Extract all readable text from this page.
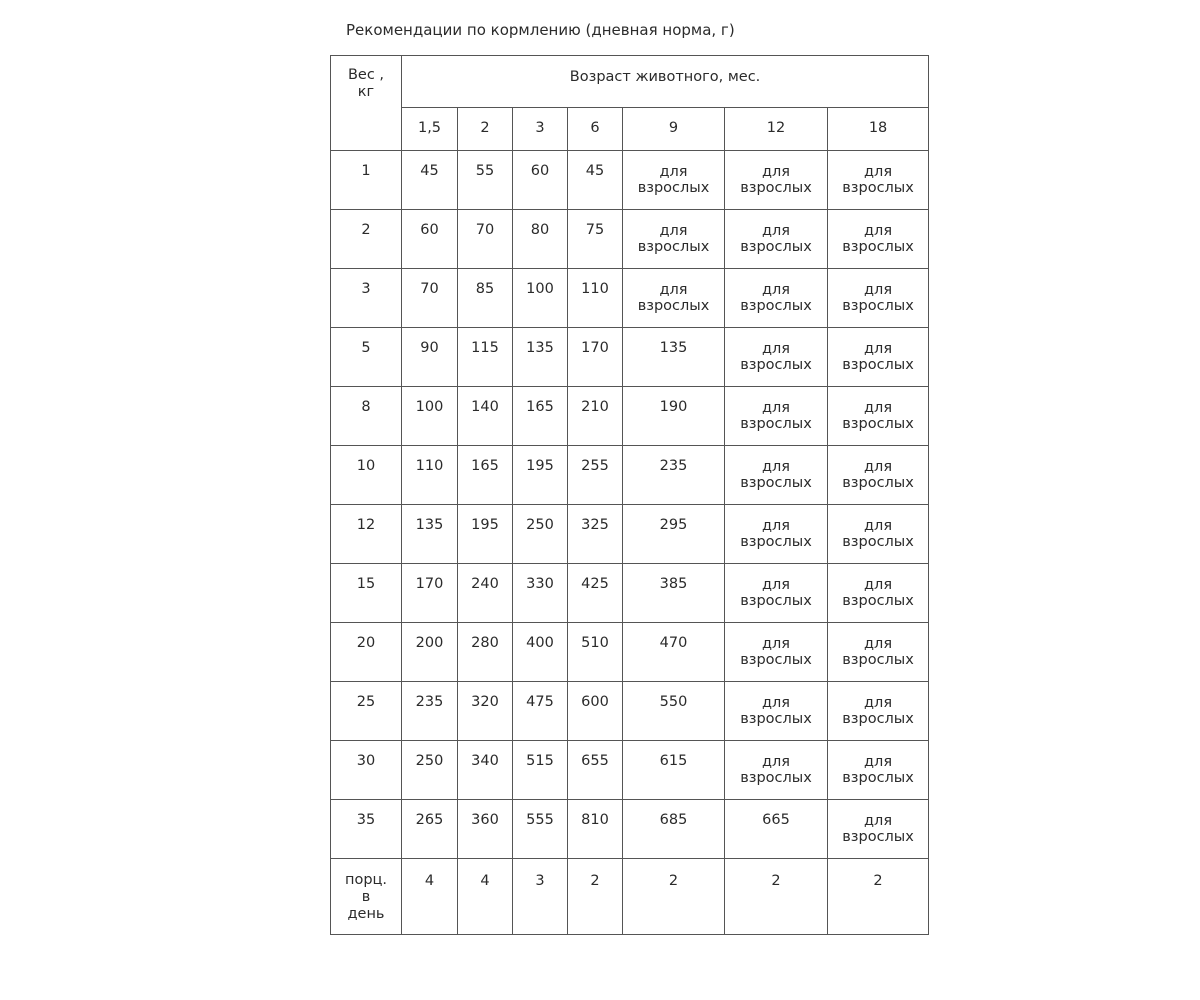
Рекомендации по кормлению (дневная норма, г)
Вес ,
кг	Возраст животного, мес.						

	1,5	2	3	6	9	12	18

1	45	55	60	45	для
взрослых	для
взрослых	для
взрослых

2	60	70	80	75	для
взрослых	для
взрослых	для
взрослых

3	70	85	100	110	для
взрослых	для
взрослых	для
взрослых

5	90	115	135	170	135	для
взрослых	для
взрослых

8	100	140	165	210	190	для
взрослых	для
взрослых

10	110	165	195	255	235	для
взрослых	для
взрослых

12	135	195	250	325	295	для
взрослых	для
взрослых

15	170	240	330	425	385	для
взрослых	для
взрослых

20	200	280	400	510	470	для
взрослых	для
взрослых

25	235	320	475	600	550	для
взрослых	для
взрослых

30	250	340	515	655	615	для
взрослых	для
взрослых

35	265	360	555	810	685	665	для
взрослых

порц.
в
день	4	4	3	2	2	2	2
